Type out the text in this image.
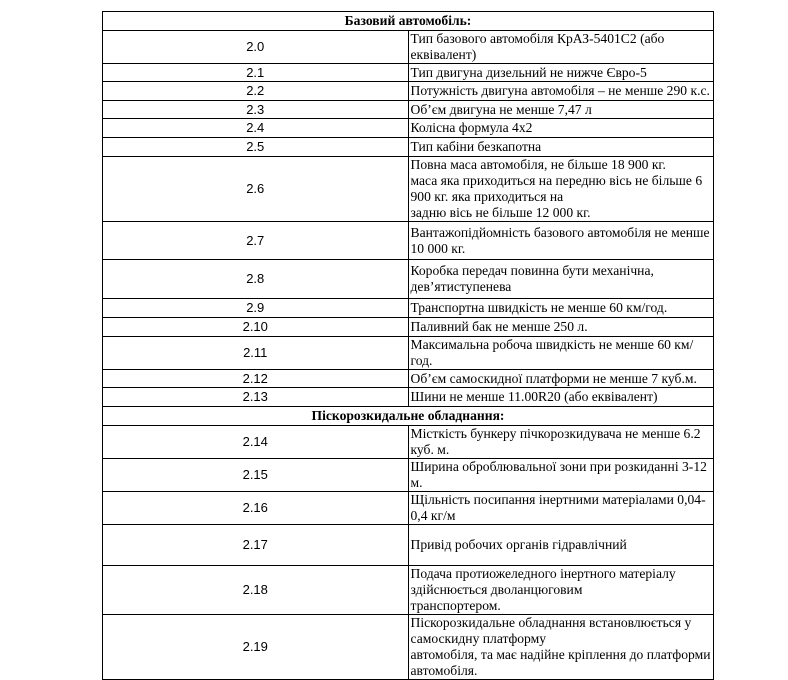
Базовий автомобіль:	
2.0	Тип базового автомобіля КрАЗ-5401С2 (або еквівалент)
2.1	Тип двигуна дизельний не нижче Євро-5
2.2	Потужність двигуна автомобіля – не менше 290 к.с.
2.3	Об’єм двигуна не менше 7,47 л
2.4	Колісна формула 4х2
2.5	Тип кабіни безкапотна
2.6	Повна маса автомобіля, не більше 18 900 кг.
маса яка приходиться на передню вісь не більше 6 900 кг. яка приходиться на
задню вісь не більше 12 000 кг.

2.7	Вантажопідйомність базового автомобіля не менше 10 000 кг.
2.8	Коробка передач повинна бути механічна, дев’ятиступенева
2.9	Транспортна швидкість не менше 60 км/год.
2.10	Паливний бак не менше 250 л.
2.11	Максимальна робоча швидкість не менше 60 км/год.
2.12	Об’єм самоскидної платформи не менше 7 куб.м.
2.13	Шини не менше 11.00R20 (або еквівалент)
Піскорозкидальне обладнання:	
2.14	Місткість бункеру пічкорозкидувача не менше 6.2 куб. м.
2.15	Ширина оброблювальної зони при розкиданні 3-12 м.
2.16	Щільність посипання інертними матеріалами 0,04-0,4 кг/м
2.17	Привід робочих органів гідравлічний
2.18	Подача протиожеледного інертного матеріалу здійснюється дволанцюговим
транспортером.

2.19	Піскорозкидальне обладнання встановлюється у самоскидну платформу
автомобіля, та має надійне кріплення до платформи автомобіля.
